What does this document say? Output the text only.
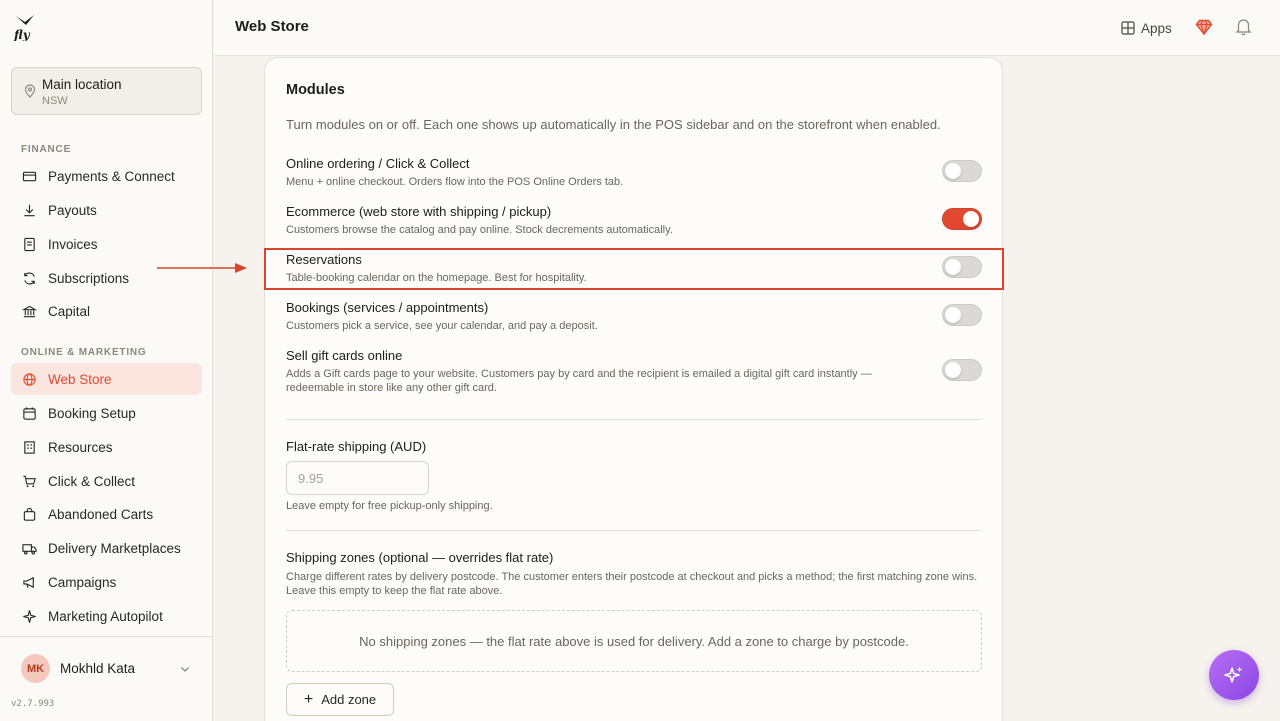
fly
Main location
NSW
FINANCE
Payments & Connect
Payouts
Invoices
Subscriptions
Capital
ONLINE & MARKETING
Web Store
Booking Setup
Resources
Click & Collect
Abandoned Carts
Delivery Marketplaces
Campaigns
Marketing Autopilot
MK	Mokhld Kata
v2.7.993
Web Store	Apps
Modules
Turn modules on or off. Each one shows up automatically in the POS sidebar and on the storefront when enabled.
Online ordering / Click & Collect
Menu + online checkout. Orders flow into the POS Online Orders tab.
Ecommerce (web store with shipping / pickup)
Customers browse the catalog and pay online. Stock decrements automatically.
Reservations
Table-booking calendar on the homepage. Best for hospitality.
Bookings (services / appointments)
Customers pick a service, see your calendar, and pay a deposit.
Sell gift cards online
Adds a Gift cards page to your website. Customers pay by card and the recipient is emailed a digital gift card instantly — redeemable in store like any other gift card.
Flat-rate shipping (AUD)
9.95
Leave empty for free pickup-only shipping.
Shipping zones (optional — overrides flat rate)
Charge different rates by delivery postcode. The customer enters their postcode at checkout and picks a method; the first matching zone wins. Leave this empty to keep the flat rate above.
No shipping zones — the flat rate above is used for delivery. Add a zone to charge by postcode.
+ Add zone
